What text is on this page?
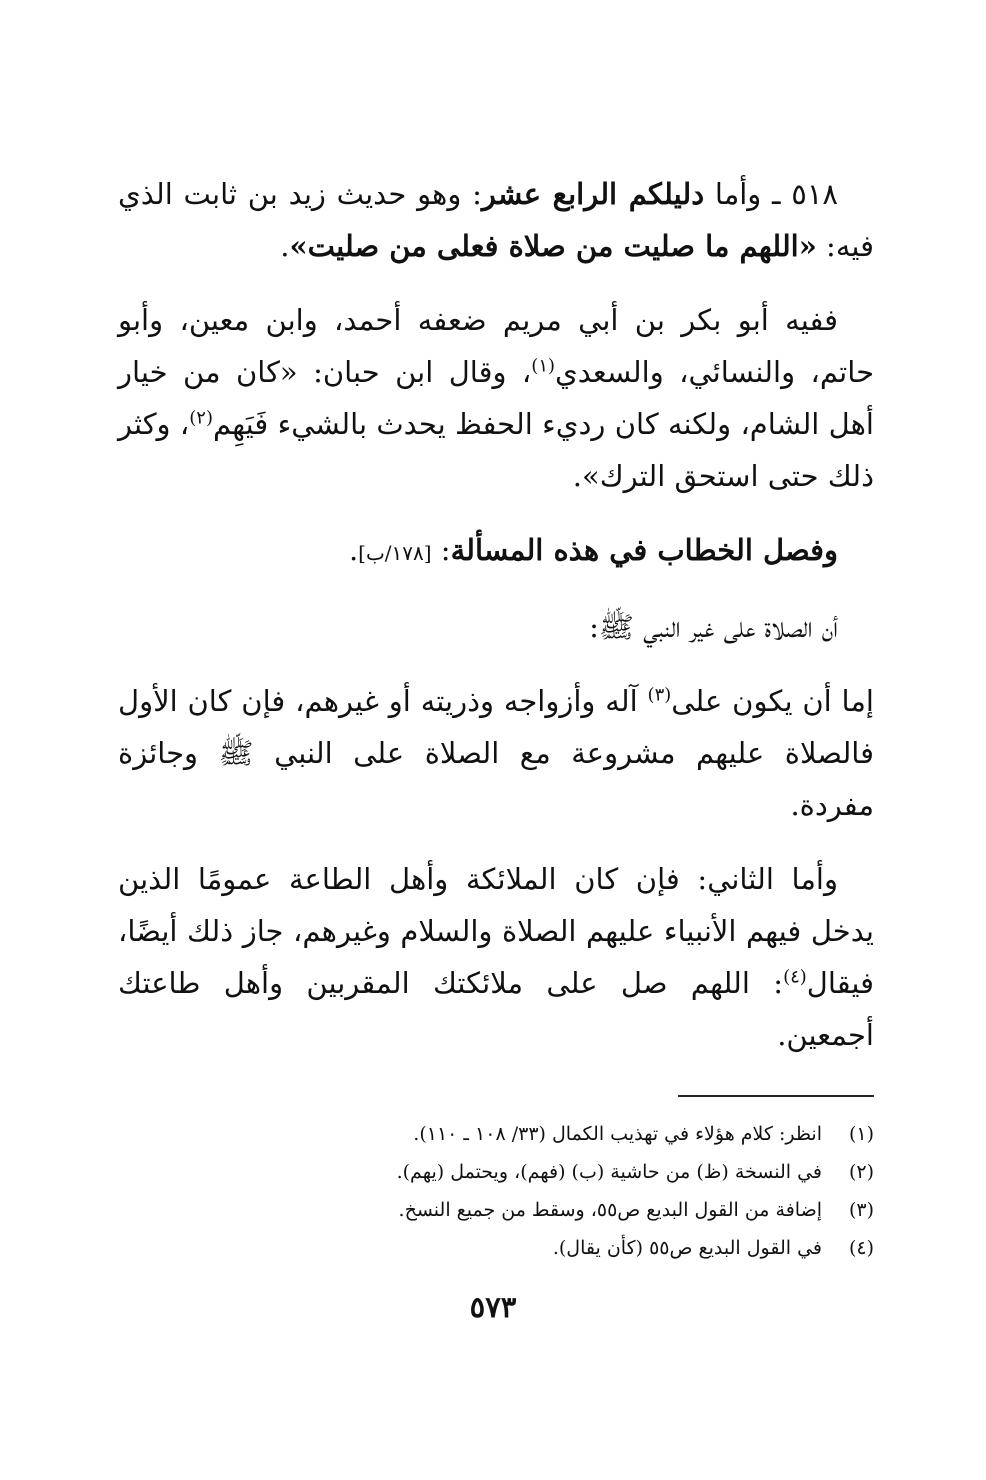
٥١٨ ـ وأما دليلكم الرابع عشر: وهو حديث زيد بن ثابت الذي فيه: «اللهم ما صليت من صلاة فعلى من صليت».

ففيه أبو بكر بن أبي مريم ضعفه أحمد، وابن معين، وأبو حاتم، والنسائي، والسعدي$^{(١)}$، وقال ابن حبان: «كان من خيار أهل الشام، ولكنه كان رديء الحفظ يحدث بالشيء فَيَهِم$^{(٢)}$، وكثر ذلك حتى استحق الترك».

وفصل الخطاب في هذه المسألة: [١٧٨/ب].

أن الصلاة على غير النبي ﷺ:

إما أن يكون على$^{(٣)}$ آله وأزواجه وذريته أو غيرهم، فإن كان الأول فالصلاة عليهم مشروعة مع الصلاة على النبي ﷺ وجائزة مفردة.

وأما الثاني: فإن كان الملائكة وأهل الطاعة عمومًا الذين يدخل فيهم الأنبياء عليهم الصلاة والسلام وغيرهم، جاز ذلك أيضًا، فيقال$^{(٤)}$: اللهم صل على ملائكتك المقربين وأهل طاعتك أجمعين.

(١)انظر: كلام هؤلاء في تهذيب الكمال (٣٣/ ١٠٨ ـ ١١٠).
(٢)في النسخة (ظ) من حاشية (ب) (فهم)، ويحتمل (يهم).
(٣)إضافة من القول البديع ص٥٥، وسقط من جميع النسخ.
(٤)في القول البديع ص٥٥ (كأن يقال).
٥٧٣
